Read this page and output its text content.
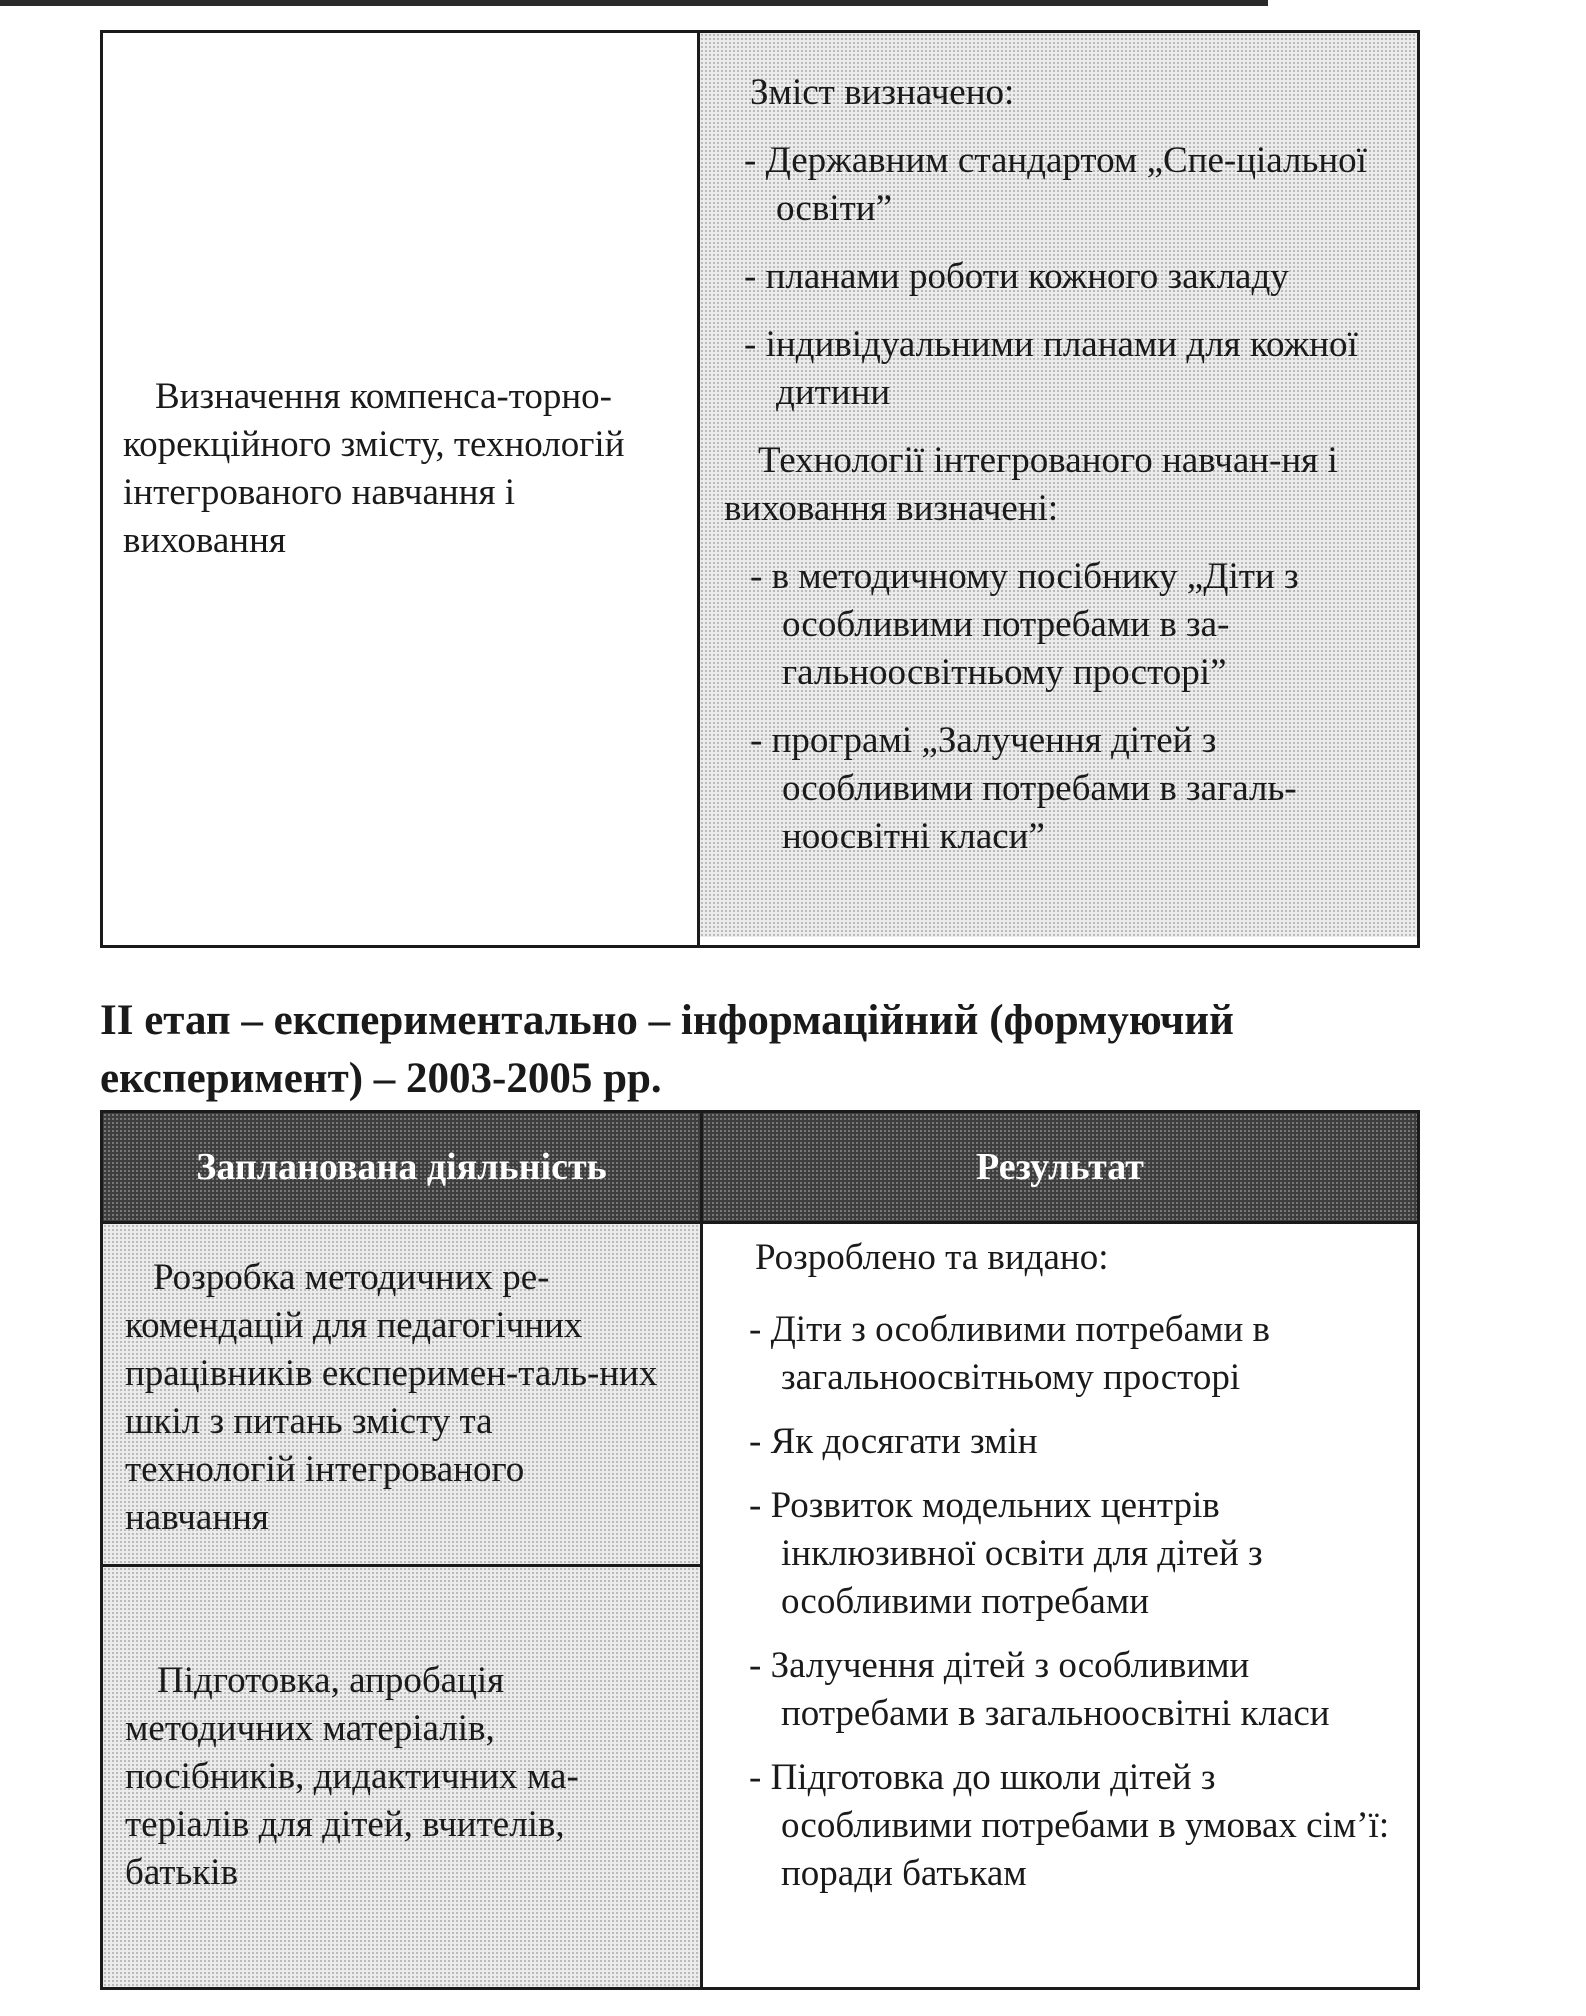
Визначення компенса-торно-корекційного змісту, технологій інтегрованого навчання і виховання

Зміст визначено:

- Державним стандартом „Спе-ціальної освіти”

- планами роботи кожного закладу

- індивідуальними планами для кожної дитини

Технології інтегрованого навчан-ня і виховання визначені:

- в методичному посібнику „Діти з особливими потребами в за-гальноосвітньому просторі”

- програмі „Залучення дітей з особливими потребами в загаль-ноосвітні класи”

ІІ етап – експериментально – інформаційний (формуючий експеримент) – 2003-2005 рр.
Запланована діяльність	Результат

Розробка методичних ре-комендацій для педагогічних працівників експеримен-таль-них шкіл з питань змісту та технологій інтегрованого навчання

Підготовка, апробація методичних матеріалів, посібників, дидактичних ма-теріалів для дітей, вчителів, батьків

Розроблено та видано:

- Діти з особливими потребами в загальноосвітньому просторі

- Як досягати змін

- Розвиток модельних центрів інклюзивної освіти для дітей з особливими потребами

- Залучення дітей з особливими потребами в загальноосвітні класи

- Підготовка до школи дітей з особливими потребами в умовах сім’ї: поради батькам
